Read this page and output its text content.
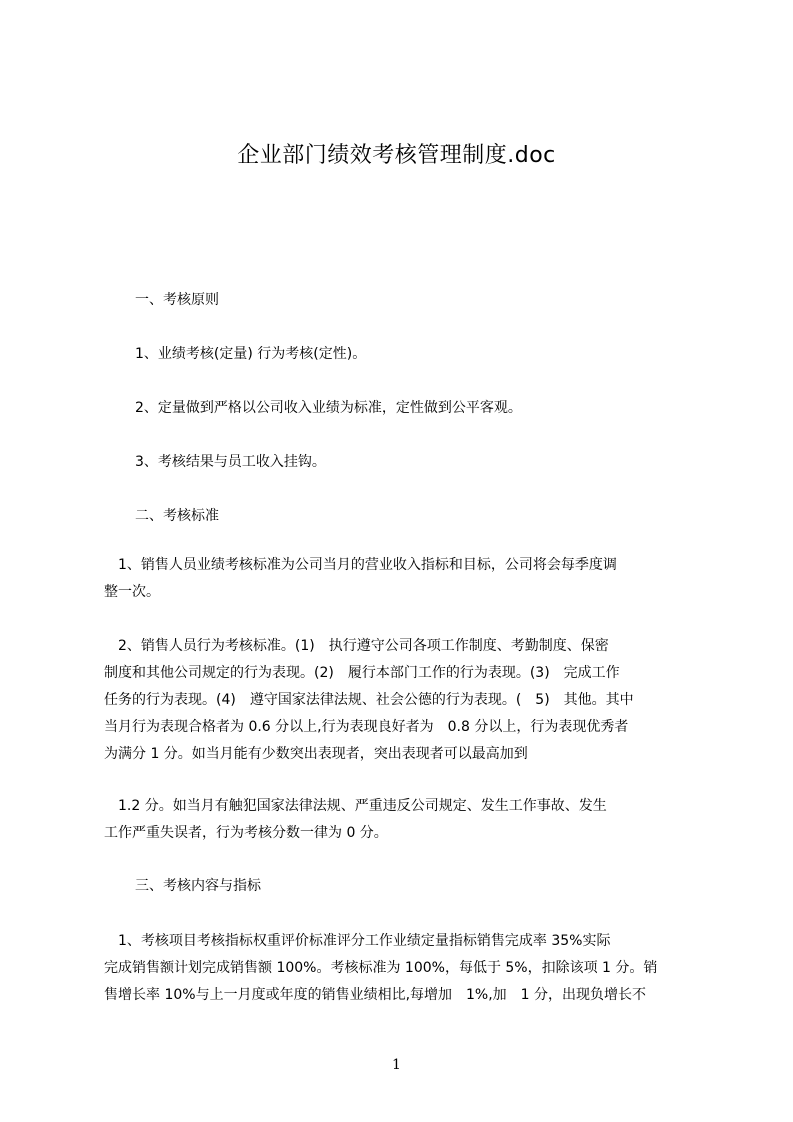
企业部门绩效考核管理制度.doc
一、考核原则
1、业绩考核(定量) 行为考核(定性)。
2、定量做到严格以公司收入业绩为标准，定性做到公平客观。
3、考核结果与员工收入挂钩。
二、考核标准
　1、销售人员业绩考核标准为公司当月的营业收入指标和目标，公司将会每季度调
整一次。
　2、销售人员行为考核标准。(1)　执行遵守公司各项工作制度、考勤制度、保密
制度和其他公司规定的行为表现。(2)　履行本部门工作的行为表现。(3)　完成工作
任务的行为表现。(4)　遵守国家法律法规、社会公德的行为表现。(　5)　其他。其中
当月行为表现合格者为 0.6 分以上,行为表现良好者为　0.8 分以上，行为表现优秀者
为满分 1 分。如当月能有少数突出表现者，突出表现者可以最高加到
　1.2 分。如当月有触犯国家法律法规、严重违反公司规定、发生工作事故、发生
工作严重失误者，行为考核分数一律为 0 分。
三、考核内容与指标
　1、考核项目考核指标权重评价标准评分工作业绩定量指标销售完成率 35%实际
完成销售额计划完成销售额 100%。考核标准为 100%，每低于 5%，扣除该项 1 分。销
售增长率 10%与上一月度或年度的销售业绩相比,每增加　1%,加　1 分，出现负增长不
1
